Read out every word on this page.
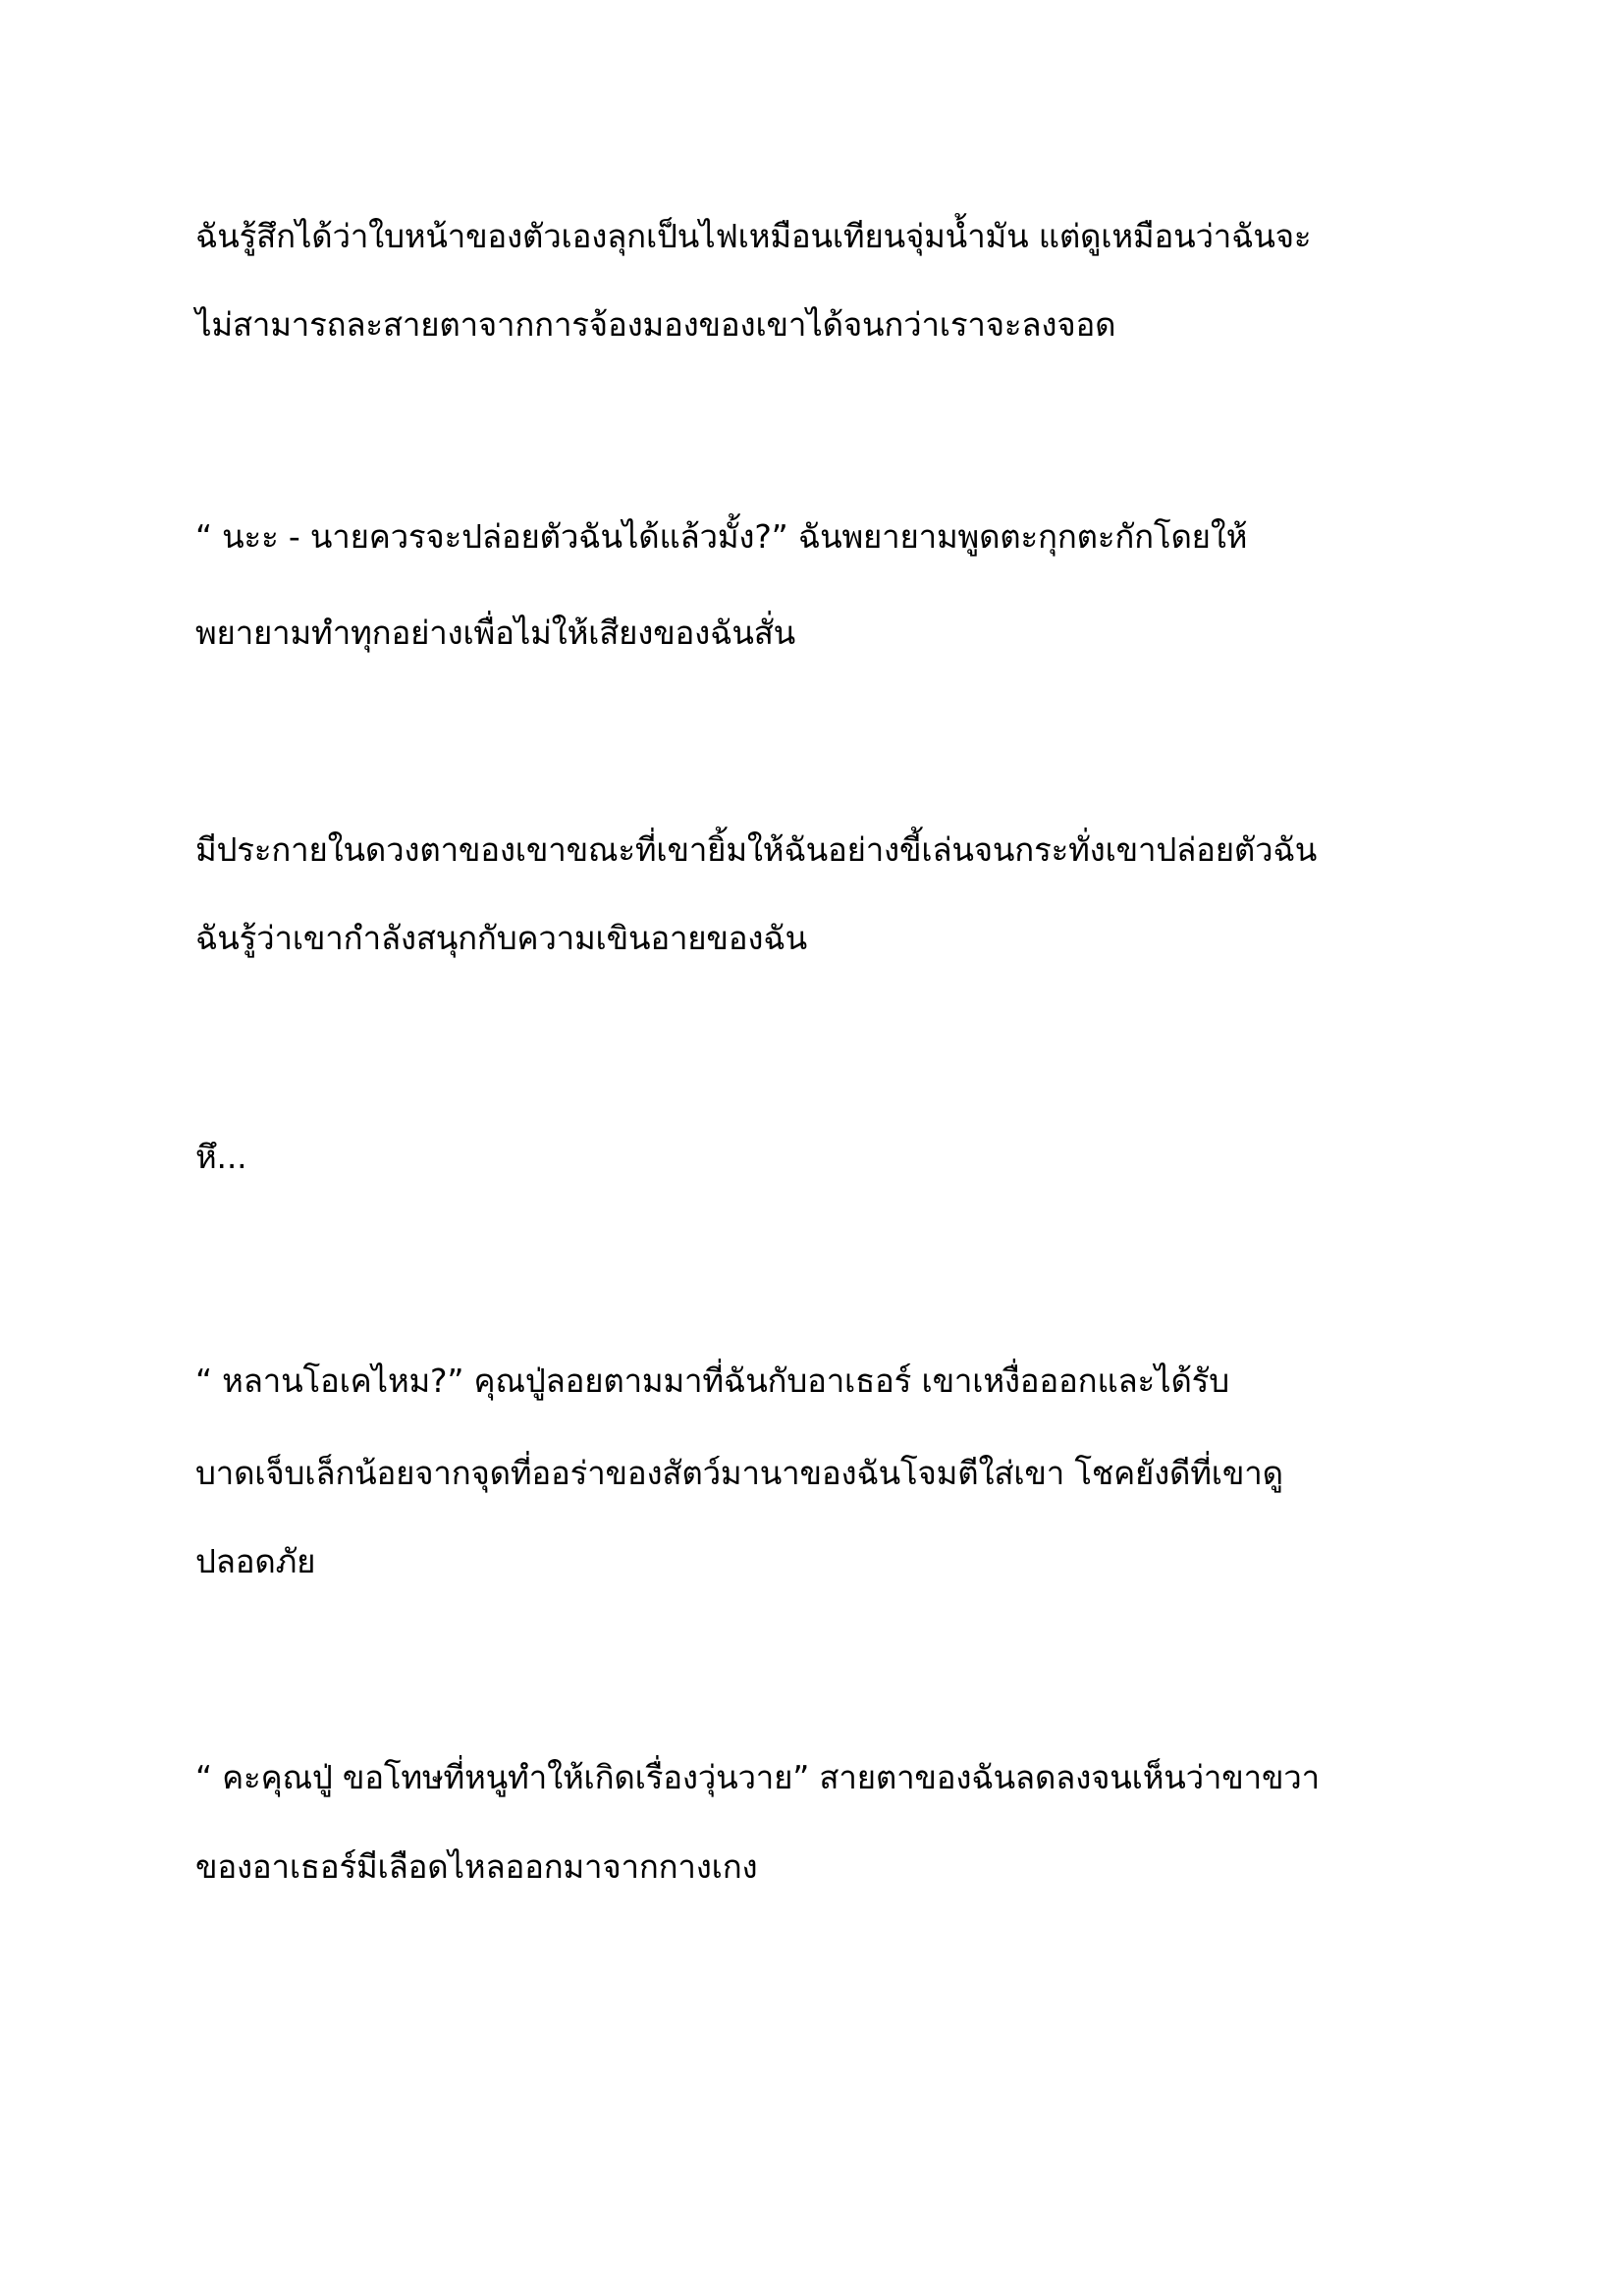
ฉันรู้สึกได้ว่าใบหน้าของตัวเองลุกเป็นไฟเหมือนเทียนจุ่มน้ำมัน แต่ดูเหมือนว่าฉันจะ
ไม่สามารถละสายตาจากการจ้องมองของเขาได้จนกว่าเราจะลงจอด
“ นะะ - นายควรจะปล่อยตัวฉันได้แล้วมั้ง?” ฉันพยายามพูดตะกุกตะกักโดยให้
พยายามทำทุกอย่างเพื่อไม่ให้เสียงของฉันสั่น
มีประกายในดวงตาของเขาขณะที่เขายิ้มให้ฉันอย่างขี้เล่นจนกระทั่งเขาปล่อยตัวฉัน
ฉันรู้ว่าเขากำลังสนุกกับความเขินอายของฉัน
หึ...
“ หลานโอเคไหม?” คุณปู่ลอยตามมาที่ฉันกับอาเธอร์ เขาเหงื่อออกและได้รับ
บาดเจ็บเล็กน้อยจากจุดที่ออร่าของสัตว์มานาของฉันโจมตีใส่เขา โชคยังดีที่เขาดู
ปลอดภัย
“ คะคุณปู่ ขอโทษที่หนูทำให้เกิดเรื่องวุ่นวาย” สายตาของฉันลดลงจนเห็นว่าขาขวา
ของอาเธอร์มีเลือดไหลออกมาจากกางเกง
